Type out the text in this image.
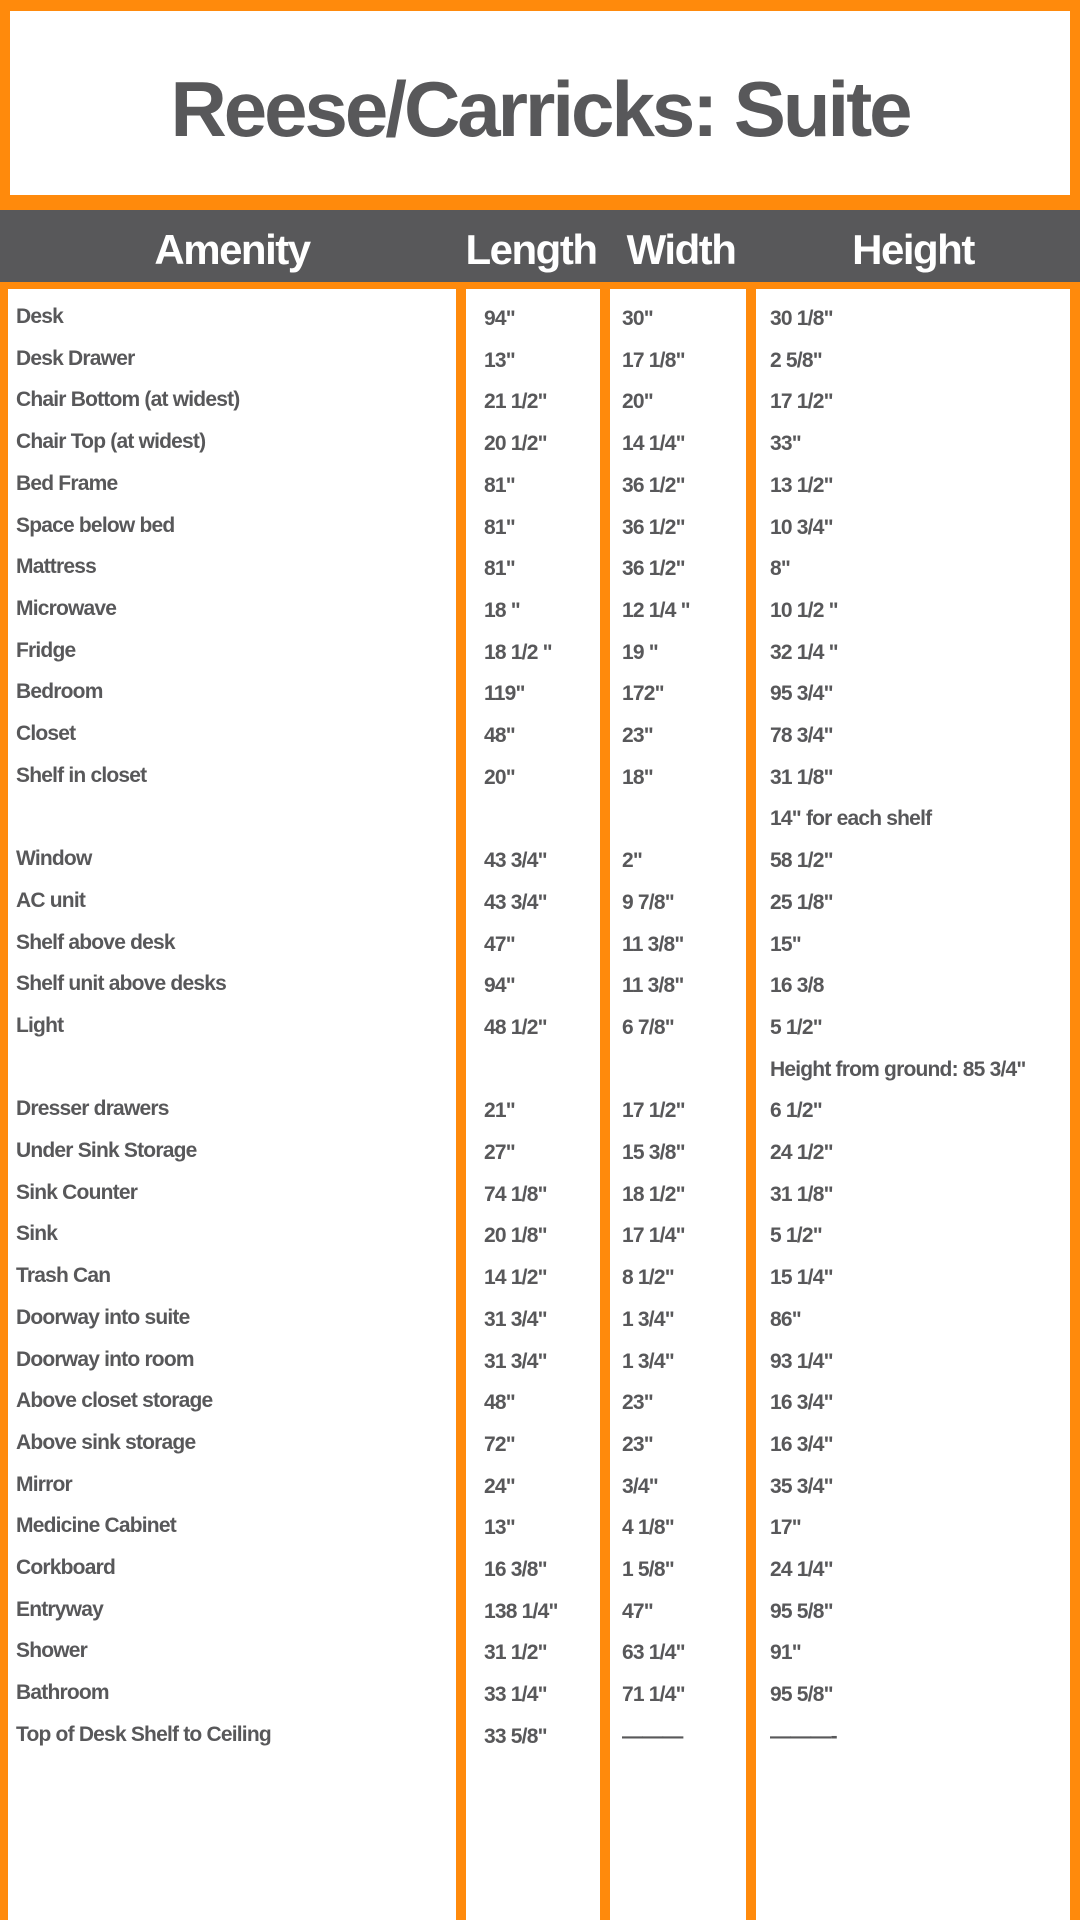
Reese/Carricks: Suite
Amenity	Length Width	Height
Desk
Desk Drawer
Chair Bottom (at widest)
Chair Top (at widest)
Bed Frame
Space below bed
Mattress
Microwave
Fridge
Bedroom
Closet
Shelf in closet
Window
AC unit
Shelf above desk
Shelf unit above desks
Light
Dresser drawers
Under Sink Storage
Sink Counter
Sink
Trash Can
Doorway into suite
Doorway into room
Above closet storage
Above sink storage
Mirror
Medicine Cabinet
Corkboard
Entryway
Shower
Bathroom
Top of Desk Shelf to Ceiling
94"
13"
21 1/2"
20 1/2"
81"
81"
81"
18 "
18 1/2 "
119"
48"
20"
43 3/4"
43 3/4"
47"
94"
48 1/2"
21"
27"
74 1/8"
20 1/8"
14 1/2"
31 3/4"
31 3/4"
48"
72"
24"
13"
16 3/8"
138 1/4"
31 1/2"
33 1/4"
33 5/8"
30"
17 1/8"
20"
14 1/4"
36 1/2"
36 1/2"
36 1/2"
12 1/4 "
19 "
172"
23"
18"
2"
9 7/8"
11 3/8"
11 3/8"
6 7/8"
17 1/2"
15 3/8"
18 1/2"
17 1/4"
8 1/2"
1 3/4"
1 3/4"
23"
23"
3/4"
4 1/8"
1 5/8"
47"
63 1/4"
71 1/4"
———
30 1/8"
2 5/8"
17 1/2"
33"
13 1/2"
10 3/4"
8"
10 1/2 "
32 1/4 "
95 3/4"
78 3/4"
31 1/8"
14" for each shelf
58 1/2"
25 1/8"
15"
16 3/8
5 1/2"
Height from ground: 85 3/4"
6 1/2"
24 1/2"
31 1/8"
5 1/2"
15 1/4"
86"
93 1/4"
16 3/4"
16 3/4"
35 3/4"
17"
24 1/4"
95 5/8"
91"
95 5/8"
———-
